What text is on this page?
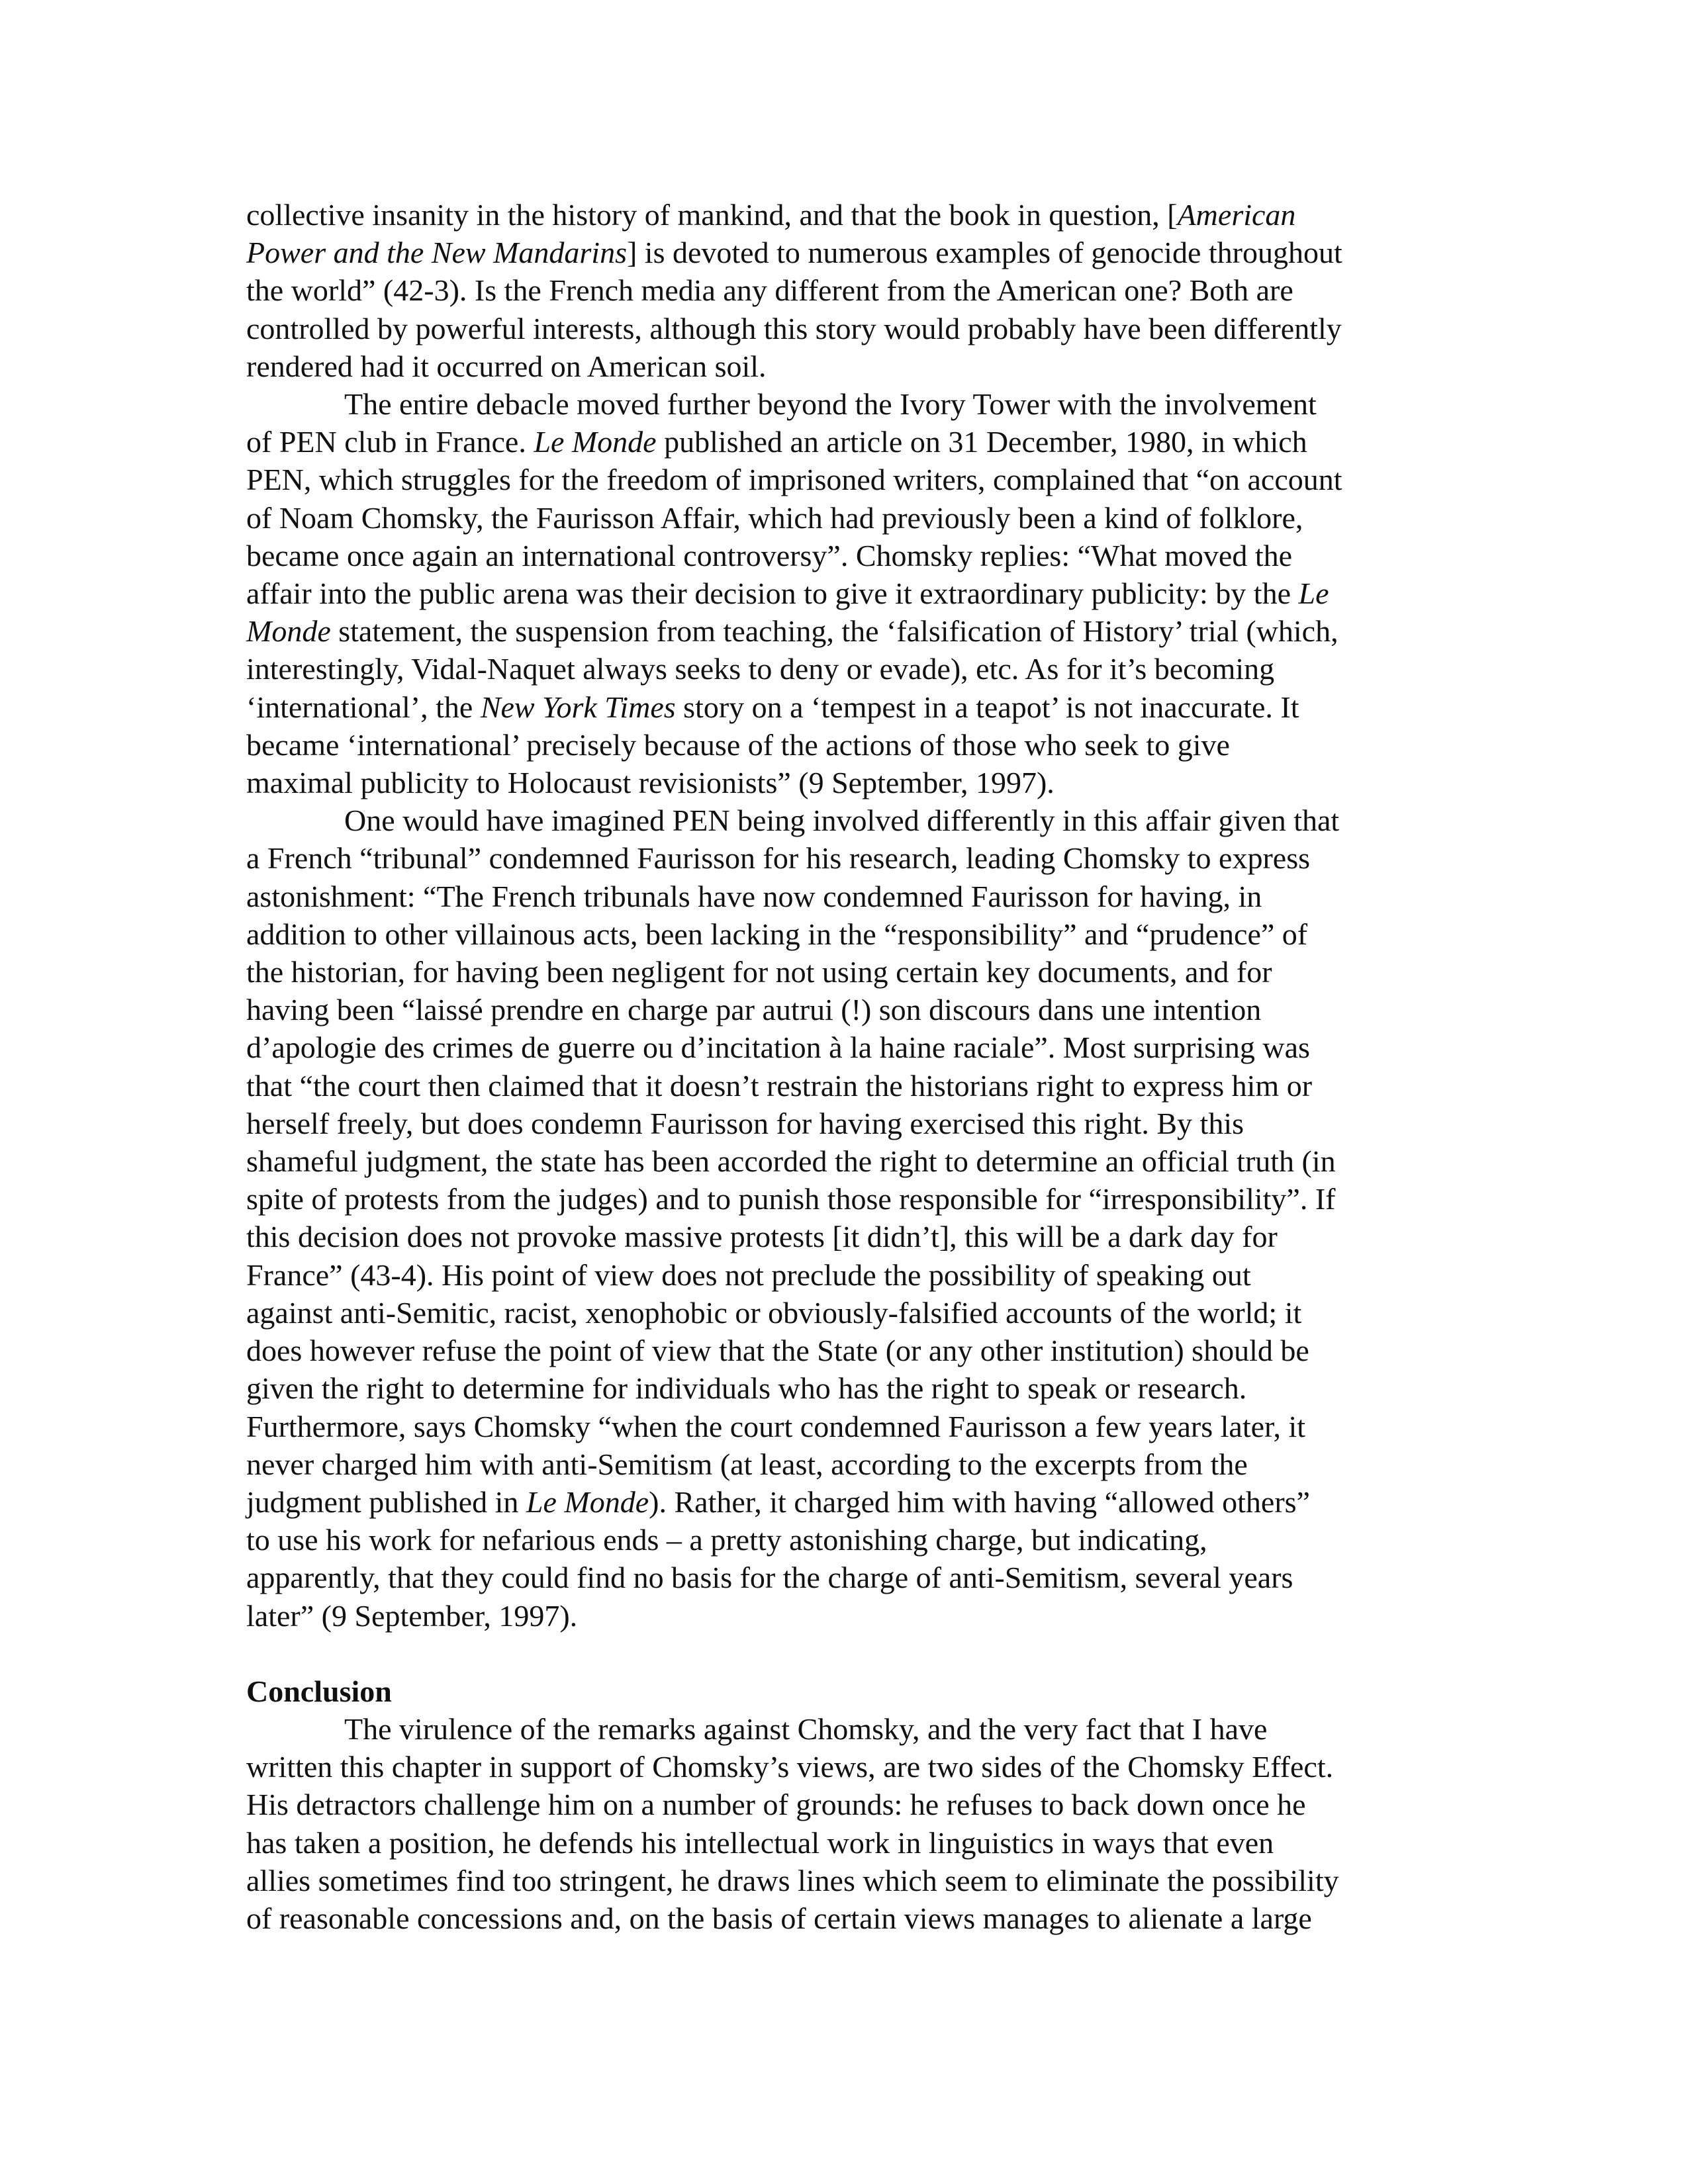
collective insanity in the history of mankind, and that the book in question, [American
Power and the New Mandarins] is devoted to numerous examples of genocide throughout
the world” (42-3). Is the French media any different from the American one? Both are
controlled by powerful interests, although this story would probably have been differently
rendered had it occurred on American soil.
The entire debacle moved further beyond the Ivory Tower with the involvement
of PEN club in France. Le Monde published an article on 31 December, 1980, in which
PEN, which struggles for the freedom of imprisoned writers, complained that “on account
of Noam Chomsky, the Faurisson Affair, which had previously been a kind of folklore,
became once again an international controversy”. Chomsky replies: “What moved the
affair into the public arena was their decision to give it extraordinary publicity: by the Le
Monde statement, the suspension from teaching, the ‘falsification of History’ trial (which,
interestingly, Vidal-Naquet always seeks to deny or evade), etc. As for it’s becoming
‘international’, the New York Times story on a ‘tempest in a teapot’ is not inaccurate. It
became ‘international’ precisely because of the actions of those who seek to give
maximal publicity to Holocaust revisionists” (9 September, 1997).
One would have imagined PEN being involved differently in this affair given that
a French “tribunal” condemned Faurisson for his research, leading Chomsky to express
astonishment: “The French tribunals have now condemned Faurisson for having, in
addition to other villainous acts, been lacking in the “responsibility” and “prudence” of
the historian, for having been negligent for not using certain key documents, and for
having been “laissé prendre en charge par autrui (!) son discours dans une intention
d’apologie des crimes de guerre ou d’incitation à la haine raciale”. Most surprising was
that “the court then claimed that it doesn’t restrain the historians right to express him or
herself freely, but does condemn Faurisson for having exercised this right. By this
shameful judgment, the state has been accorded the right to determine an official truth (in
spite of protests from the judges) and to punish those responsible for “irresponsibility”. If
this decision does not provoke massive protests [it didn’t], this will be a dark day for
France” (43-4). His point of view does not preclude the possibility of speaking out
against anti-Semitic, racist, xenophobic or obviously-falsified accounts of the world; it
does however refuse the point of view that the State (or any other institution) should be
given the right to determine for individuals who has the right to speak or research.
Furthermore, says Chomsky “when the court condemned Faurisson a few years later, it
never charged him with anti-Semitism (at least, according to the excerpts from the
judgment published in Le Monde). Rather, it charged him with having “allowed others”
to use his work for nefarious ends – a pretty astonishing charge, but indicating,
apparently, that they could find no basis for the charge of anti-Semitism, several years
later” (9 September, 1997).
Conclusion
The virulence of the remarks against Chomsky, and the very fact that I have
written this chapter in support of Chomsky’s views, are two sides of the Chomsky Effect.
His detractors challenge him on a number of grounds: he refuses to back down once he
has taken a position, he defends his intellectual work in linguistics in ways that even
allies sometimes find too stringent, he draws lines which seem to eliminate the possibility
of reasonable concessions and, on the basis of certain views manages to alienate a large
